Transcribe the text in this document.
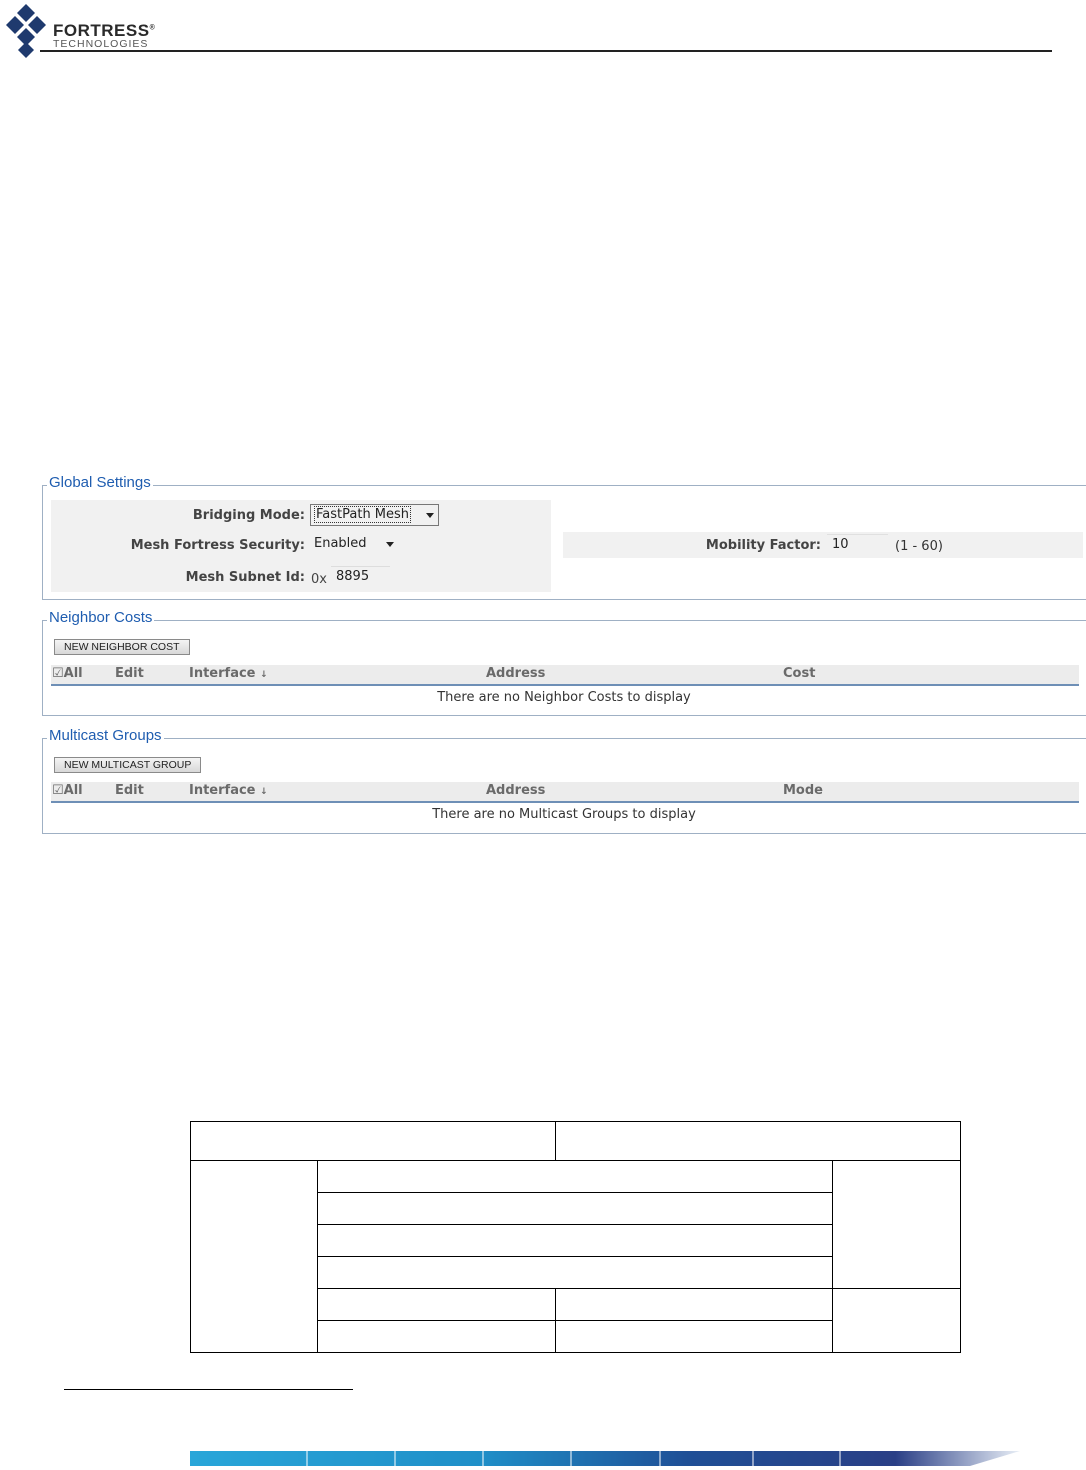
FORTRESS®
TECHNOLOGIES
Global Settings
Bridging Mode: FastPath Mesh
Mesh Fortress Security: Enabled	Mobility Factor: 10	(1 - 60)
Mesh Subnet Id: 0x 8895
Neighbor Costs
NEW NEIGHBOR COST
☑All Edit	Interface ↓	Address	Cost
There are no Neighbor Costs to display
Multicast Groups
NEW MULTICAST GROUP
☑All Edit	Interface ↓	Address	Mode
There are no Multicast Groups to display
